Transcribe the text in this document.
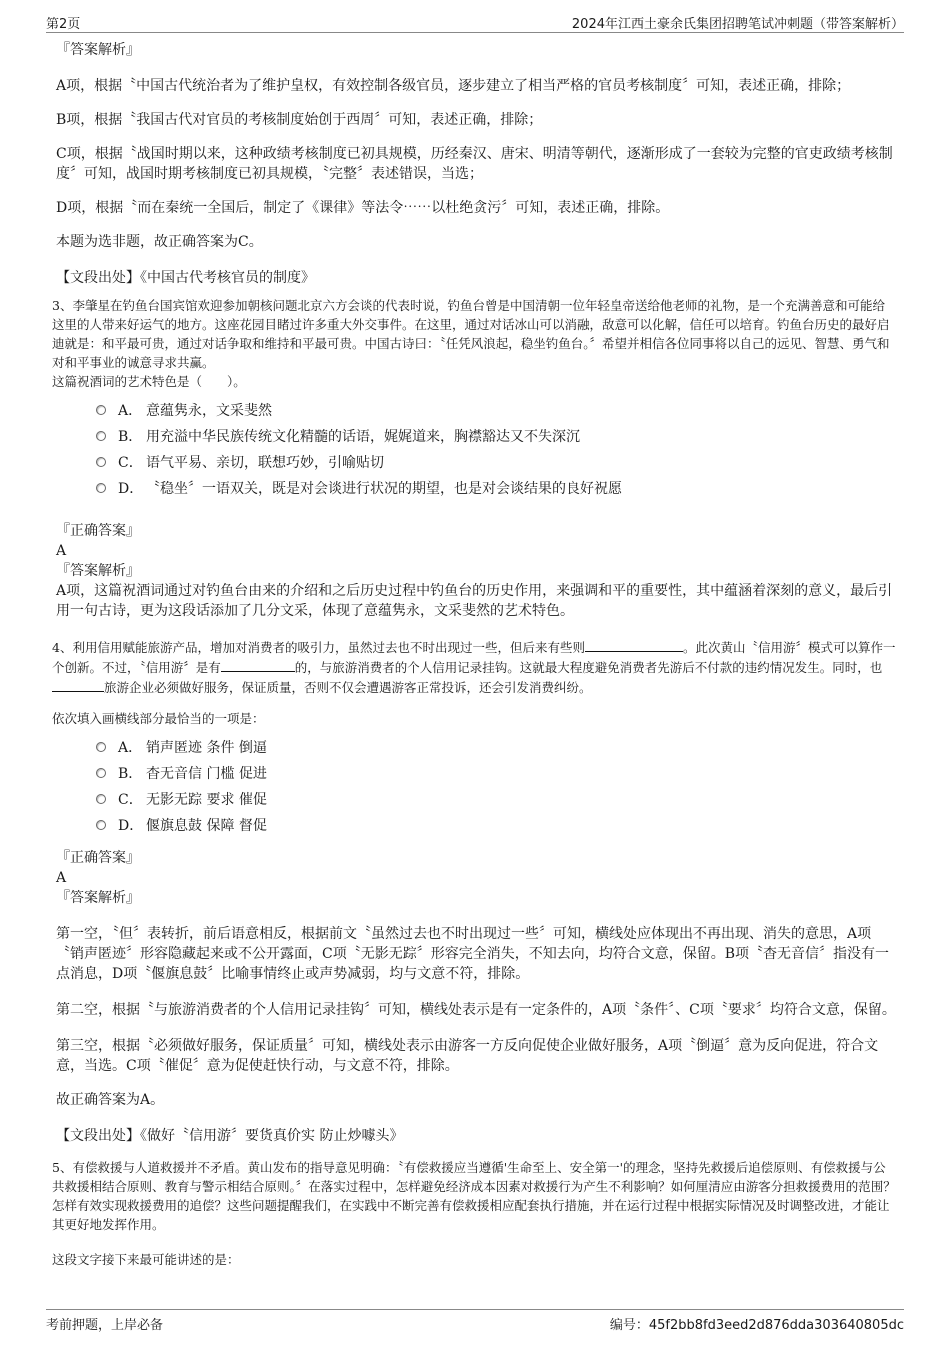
第2页	2024年江西土豪余氏集团招聘笔试冲刺题（带答案解析）

『答案解析』

A项，根据〝中国古代统治者为了维护皇权，有效控制各级官员，逐步建立了相当严格的官员考核制度〞可知，表述正确，排除；

B项，根据〝我国古代对官员的考核制度始创于西周〞可知，表述正确，排除；

C项，根据〝战国时期以来，这种政绩考核制度已初具规模，历经秦汉、唐宋、明清等朝代，逐渐形成了一套较为完整的官吏政绩考核制度〞可知，战国时期考核制度已初具规模，〝完整〞表述错误，当选；

D项，根据〝而在秦统一全国后，制定了《课律》等法令⋯⋯以杜绝贪污〞可知，表述正确，排除。

本题为选非题，故正确答案为C。

【文段出处】《中国古代考核官员的制度》

3、李肇星在钓鱼台国宾馆欢迎参加朝核问题北京六方会谈的代表时说，钓鱼台曾是中国清朝一位年轻皇帝送给他老师的礼物，是一个充满善意和可能给这里的人带来好运气的地方。这座花园目睹过许多重大外交事件。在这里，通过对话冰山可以消融，敌意可以化解，信任可以培育。钓鱼台历史的最好启迪就是：和平最可贵，通过对话争取和维持和平最可贵。中国古诗曰：〝任凭风浪起，稳坐钓鱼台。〞希望并相信各位同事将以自己的远见、智慧、勇气和对和平事业的诚意寻求共赢。

这篇祝酒词的艺术特色是（　　）。

A． 意蕴隽永，文采斐然
B． 用充溢中华民族传统文化精髓的话语，娓娓道来，胸襟豁达又不失深沉
C． 语气平易、亲切，联想巧妙，引喻贴切
D． 〝稳坐〞一语双关，既是对会谈进行状况的期望，也是对会谈结果的良好祝愿

『正确答案』

A

『答案解析』

A项，这篇祝酒词通过对钓鱼台由来的介绍和之后历史过程中钓鱼台的历史作用，来强调和平的重要性，其中蕴涵着深刻的意义，最后引用一句古诗，更为这段话添加了几分文采，体现了意蕴隽永，文采斐然的艺术特色。

4、利用信用赋能旅游产品，增加对消费者的吸引力，虽然过去也不时出现过一些，但后来有些则	。此次黄山〝信用游〞模式可以算作一个创新。不过，〝信用游〞是有	的，与旅游消费者的个人信用记录挂钩。这就最大程度避免消费者先游后不付款的违约情况发生。同时，也旅游企业必须做好服务，保证质量，否则不仅会遭遇游客正常投诉，还会引发消费纠纷。

依次填入画横线部分最恰当的一项是：

A． 销声匿迹 条件 倒逼
B． 杳无音信 门槛 促进
C． 无影无踪 要求 催促
D． 偃旗息鼓 保障 督促

『正确答案』

A

『答案解析』

第一空，〝但〞表转折，前后语意相反，根据前文〝虽然过去也不时出现过一些〞可知，横线处应体现出不再出现、消失的意思，A项〝销声匿迹〞形容隐藏起来或不公开露面，C项〝无影无踪〞形容完全消失，不知去向，均符合文意，保留。B项〝杳无音信〞指没有一点消息，D项〝偃旗息鼓〞比喻事情终止或声势减弱，均与文意不符，排除。

第二空，根据〝与旅游消费者的个人信用记录挂钩〞可知，横线处表示是有一定条件的，A项〝条件〞、C项〝要求〞均符合文意，保留。

第三空，根据〝必须做好服务，保证质量〞可知，横线处表示由游客一方反向促使企业做好服务，A项〝倒逼〞意为反向促进，符合文意，当选。C项〝催促〞意为促使赶快行动，与文意不符，排除。

故正确答案为A。

【文段出处】《做好〝信用游〞要货真价实 防止炒噱头》

5、有偿救援与人道救援并不矛盾。黄山发布的指导意见明确：〝有偿救援应当遵循'生命至上、安全第一'的理念，坚持先救援后追偿原则、有偿救援与公共救援相结合原则、教育与警示相结合原则。〞在落实过程中，怎样避免经济成本因素对救援行为产生不利影响？如何厘清应由游客分担救援费用的范围？怎样有效实现救援费用的追偿？这些问题提醒我们，在实践中不断完善有偿救援相应配套执行措施，并在运行过程中根据实际情况及时调整改进，才能让其更好地发挥作用。

这段文字接下来最可能讲述的是：

考前押题，上岸必备	编号：45f2bb8fd3eed2d876dda303640805dc
